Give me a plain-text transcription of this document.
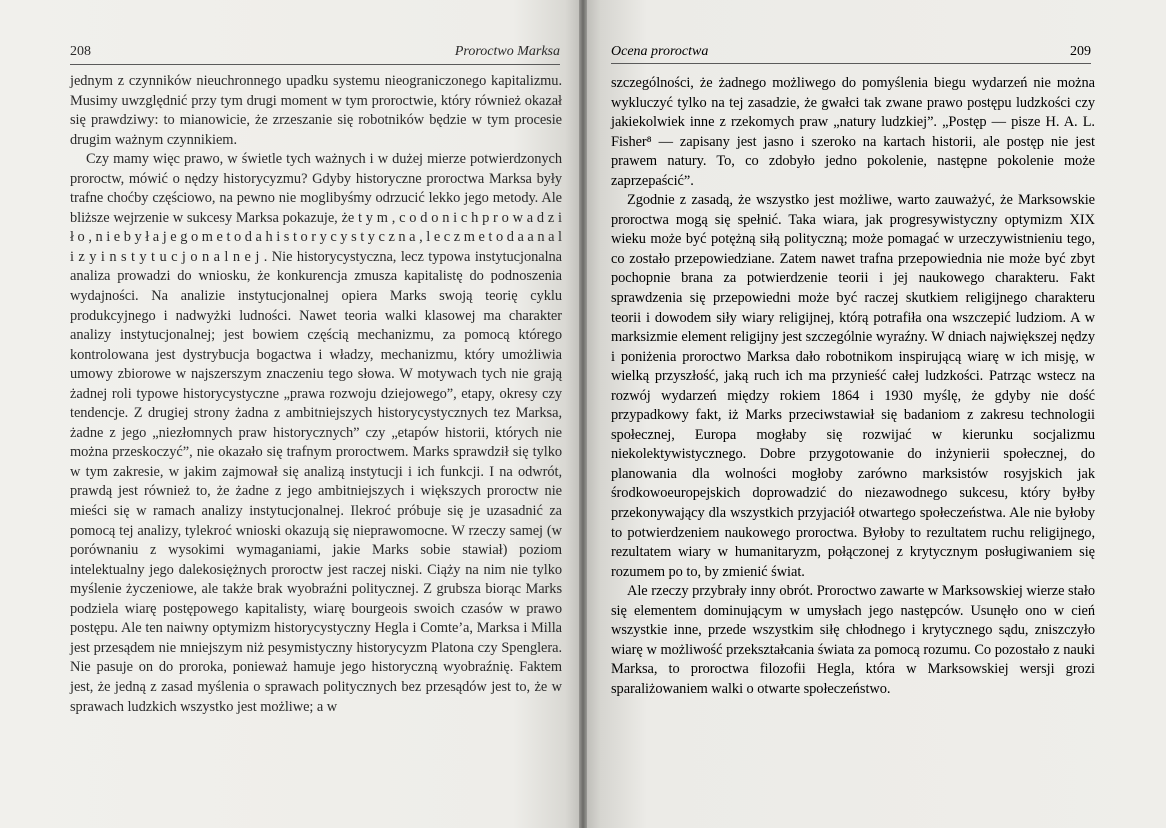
208	Proroctwo Marksa

jednym z czynników nieuchronnego upadku systemu nieograniczonego kapitalizmu. Musimy uwzględnić przy tym drugi moment w tym proroctwie, który również okazał się prawdziwy: to mianowicie, że zrzeszanie się robotników będzie w tym procesie drugim ważnym czynnikiem.

Czy mamy więc prawo, w świetle tych ważnych i w dużej mierze potwierdzonych proroctw, mówić o nędzy historycyzmu? Gdyby historyczne proroctwa Marksa były trafne choćby częściowo, na pewno nie moglibyśmy odrzucić lekko jego metody. Ale bliższe wejrzenie w sukcesy Marksa pokazuje, że t y m , c o d o n i c h p r o w a d z i ł o , n i e b y ł a j e g o m e t o d a h i s t o r y c y s t y c z n a , l e c z m e t o d a a n a l i z y i n s t y t u c j o n a l n e j . Nie historycystyczna, lecz typowa instytucjonalna analiza prowadzi do wniosku, że konkurencja zmusza kapitalistę do podnoszenia wydajności. Na analizie instytucjonalnej opiera Marks swoją teorię cyklu produkcyjnego i nadwyżki ludności. Nawet teoria walki klasowej ma charakter analizy instytucjonalnej; jest bowiem częścią mechanizmu, za pomocą którego kontrolowana jest dystrybucja bogactwa i władzy, mechanizmu, który umożliwia umowy zbiorowe w najszerszym znaczeniu tego słowa. W motywach tych nie grają żadnej roli typowe historycystyczne „prawa rozwoju dziejowego”, etapy, okresy czy tendencje. Z drugiej strony żadna z ambitniejszych historycystycznych tez Marksa, żadne z jego „niezłomnych praw historycznych” czy „etapów historii, których nie można przeskoczyć”, nie okazało się trafnym proroctwem. Marks sprawdził się tylko w tym zakresie, w jakim zajmował się analizą instytucji i ich funkcji. I na odwrót, prawdą jest również to, że żadne z jego ambitniejszych i większych proroctw nie mieści się w ramach analizy instytucjonalnej. Ilekroć próbuje się je uzasadnić za pomocą tej analizy, tylekroć wnioski okazują się nieprawomocne. W rzeczy samej (w porównaniu z wysokimi wymaganiami, jakie Marks sobie stawiał) poziom intelektualny jego dalekosiężnych proroctw jest raczej niski. Ciąży na nim nie tylko myślenie życzeniowe, ale także brak wyobraźni politycznej. Z grubsza biorąc Marks podziela wiarę postępowego kapitalisty, wiarę bourgeois swoich czasów w prawo postępu. Ale ten naiwny optymizm historycystyczny Hegla i Comte’a, Marksa i Milla jest przesądem nie mniejszym niż pesymistyczny historycyzm Platona czy Spenglera. Nie pasuje on do proroka, ponieważ hamuje jego historyczną wyobraźnię. Faktem jest, że jedną z zasad myślenia o sprawach politycznych bez przesądów jest to, że w sprawach ludzkich wszystko jest możliwe; a w

Ocena proroctwa	209

szczególności, że żadnego możliwego do pomyślenia biegu wydarzeń nie można wykluczyć tylko na tej zasadzie, że gwałci tak zwane prawo postępu ludzkości czy jakiekolwiek inne z rzekomych praw „natury ludzkiej”. „Postęp — pisze H. A. L. Fisher⁸ — zapisany jest jasno i szeroko na kartach historii, ale postęp nie jest prawem natury. To, co zdobyło jedno pokolenie, następne pokolenie może zaprzepaścić”.

Zgodnie z zasadą, że wszystko jest możliwe, warto zauważyć, że Marksowskie proroctwa mogą się spełnić. Taka wiara, jak progresywistyczny optymizm XIX wieku może być potężną siłą polityczną; może pomagać w urzeczywistnieniu tego, co zostało przepowiedziane. Zatem nawet trafna przepowiednia nie może być zbyt pochopnie brana za potwierdzenie teorii i jej naukowego charakteru. Fakt sprawdzenia się przepowiedni może być raczej skutkiem religijnego charakteru teorii i dowodem siły wiary religijnej, którą potrafiła ona wszczepić ludziom. A w marksizmie element religijny jest szczególnie wyraźny. W dniach największej nędzy i poniżenia proroctwo Marksa dało robotnikom inspirującą wiarę w ich misję, w wielką przyszłość, jaką ruch ich ma przynieść całej ludzkości. Patrząc wstecz na rozwój wydarzeń między rokiem 1864 i 1930 myślę, że gdyby nie dość przypadkowy fakt, iż Marks przeciwstawiał się badaniom z zakresu technologii społecznej, Europa mogłaby się rozwijać w kierunku socjalizmu niekolektywistycznego. Dobre przygotowanie do inżynierii społecznej, do planowania dla wolności mogłoby zarówno marksistów rosyjskich jak środkowoeuropejskich doprowadzić do niezawodnego sukcesu, który byłby przekonywający dla wszystkich przyjaciół otwartego społeczeństwa. Ale nie byłoby to potwierdzeniem naukowego proroctwa. Byłoby to rezultatem ruchu religijnego, rezultatem wiary w humanitaryzm, połączonej z krytycznym posługiwaniem się rozumem po to, by zmienić świat.

Ale rzeczy przybrały inny obrót. Proroctwo zawarte w Marksowskiej wierze stało się elementem dominującym w umysłach jego następców. Usunęło ono w cień wszystkie inne, przede wszystkim siłę chłodnego i krytycznego sądu, zniszczyło wiarę w możliwość przekształcania świata za pomocą rozumu. Co pozostało z nauki Marksa, to proroctwa filozofii Hegla, która w Marksowskiej wersji grozi sparaliżowaniem walki o otwarte społeczeństwo.
